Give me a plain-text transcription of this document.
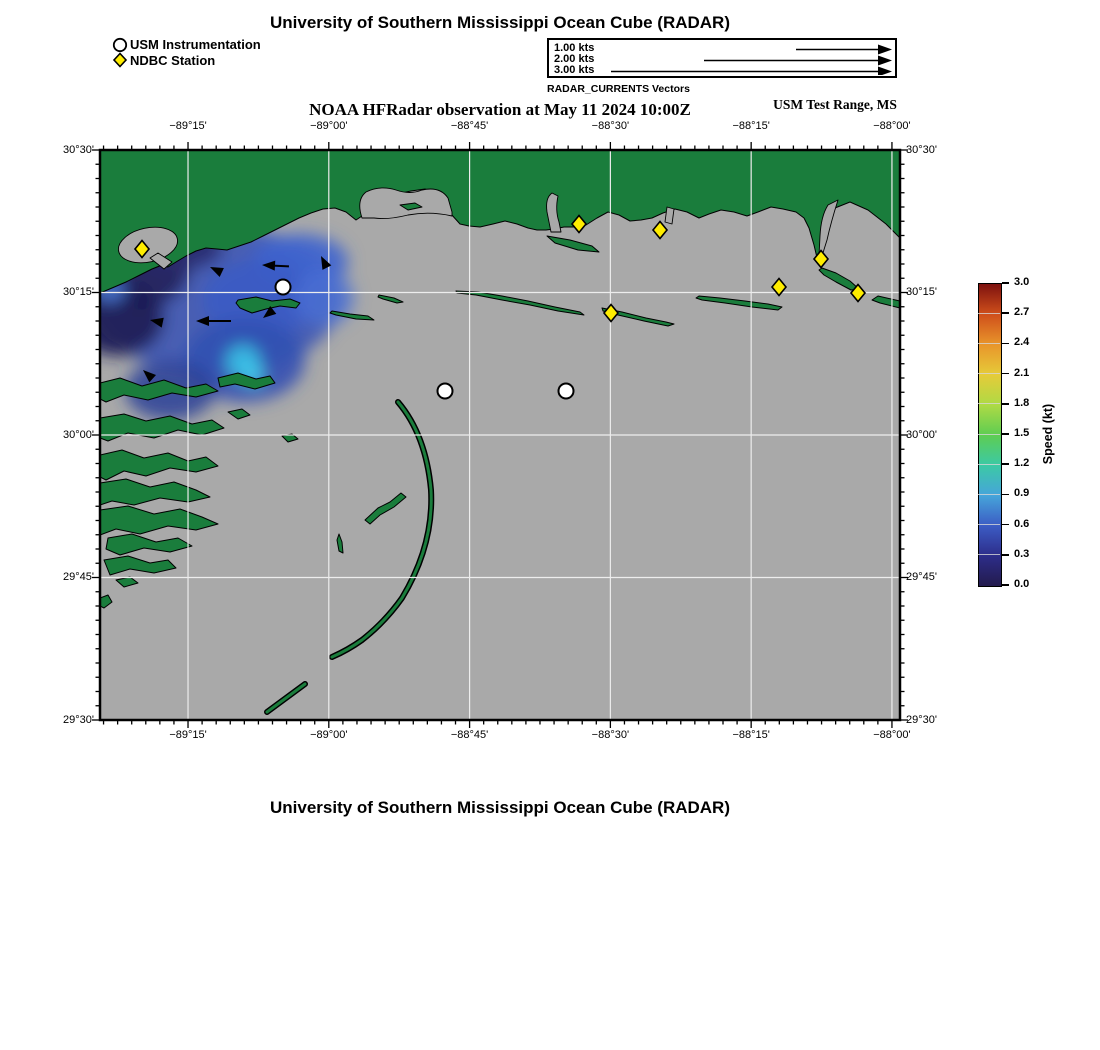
University of Southern Mississippi Ocean Cube (RADAR)
USM Instrumentation
NDBC Station
1.00 kts
2.00 kts
3.00 kts
RADAR_CURRENTS Vectors
NOAA HFRadar observation at May 11 2024 10:00Z	USM Test Range, MS
−89°15'
−89°15'
−89°00'
−89°00'
−88°45'
−88°45'
−88°30'
−88°30'
−88°15'
−88°15'
−88°00'
−88°00'
30°30'	30°30'
30°15'	30°15'
30°00'	30°00'
29°45'	29°45'
29°30'	29°30'
3.0
2.7
2.4
2.1
1.8
1.5
1.2
0.9
0.6
0.3
0.0
Speed (kt)
University of Southern Mississippi Ocean Cube (RADAR)
